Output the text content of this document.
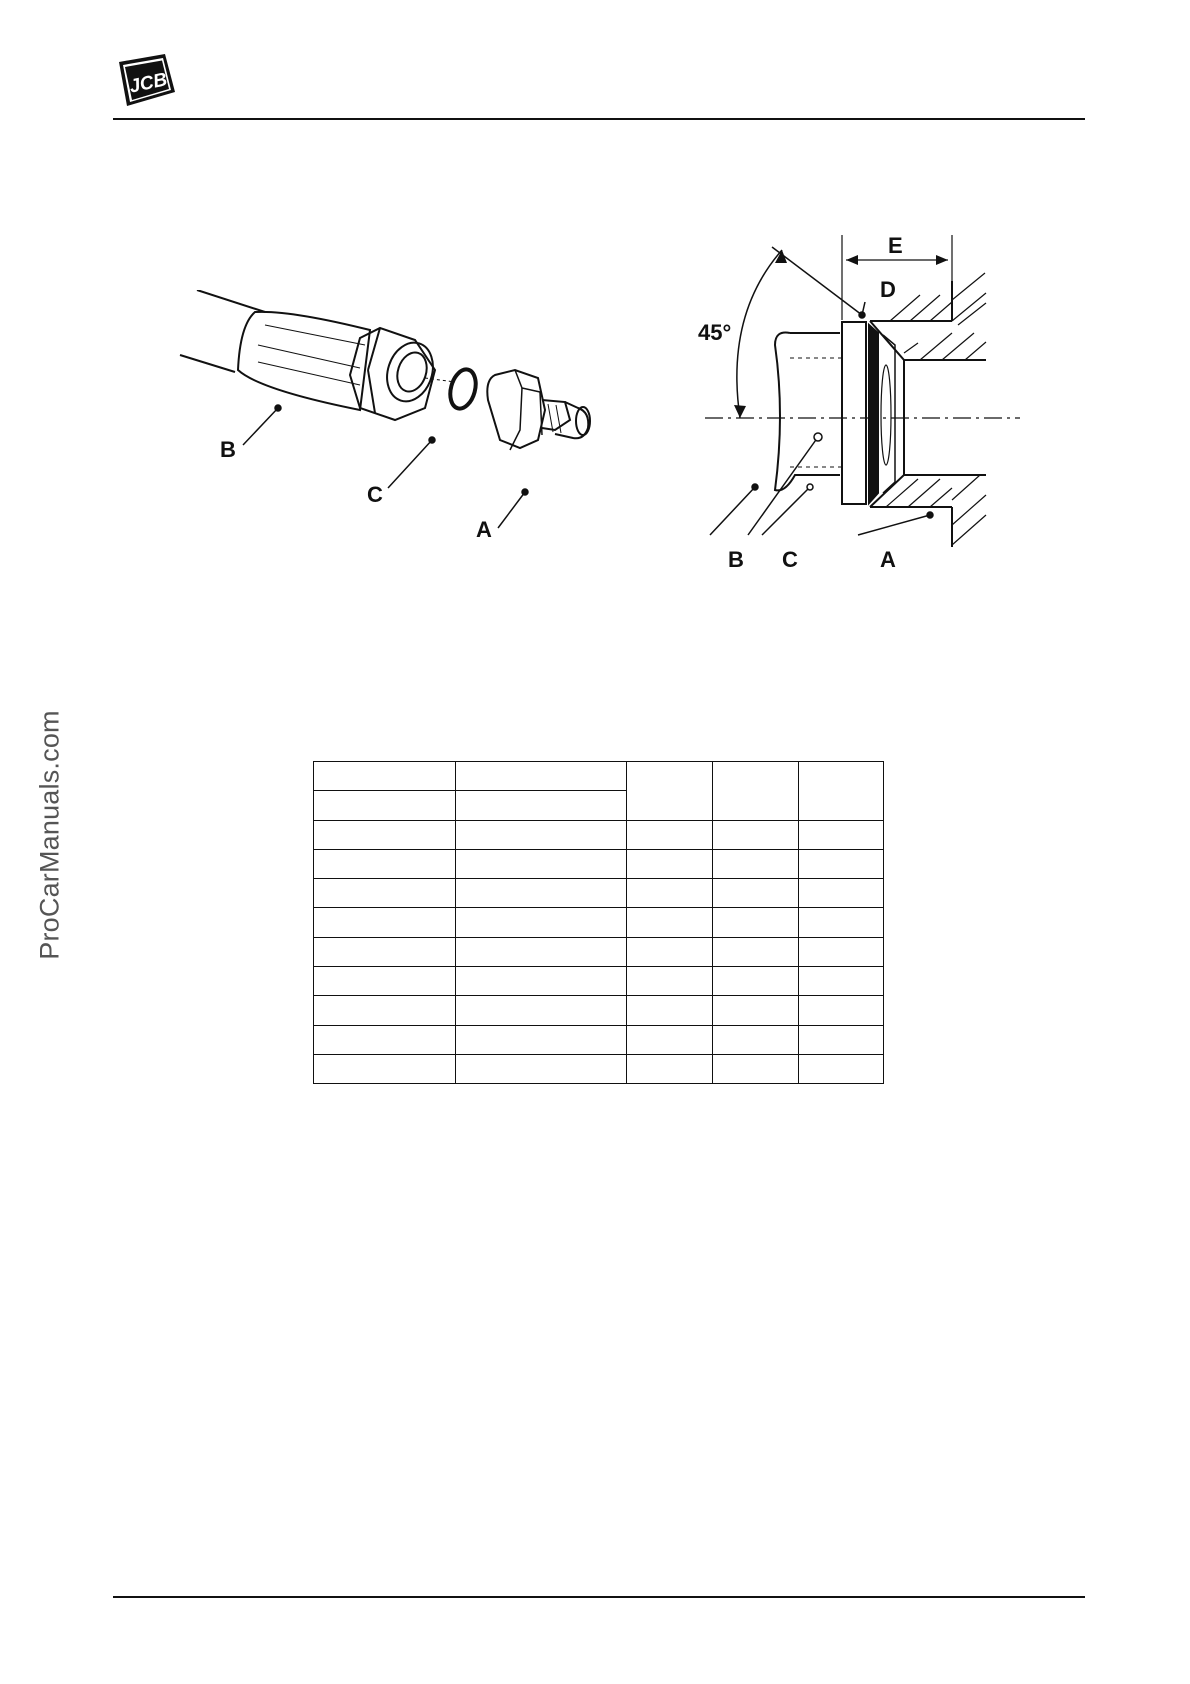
JCB
ProCarManuals.com
B
C
A
45°
E
D
B C	A
